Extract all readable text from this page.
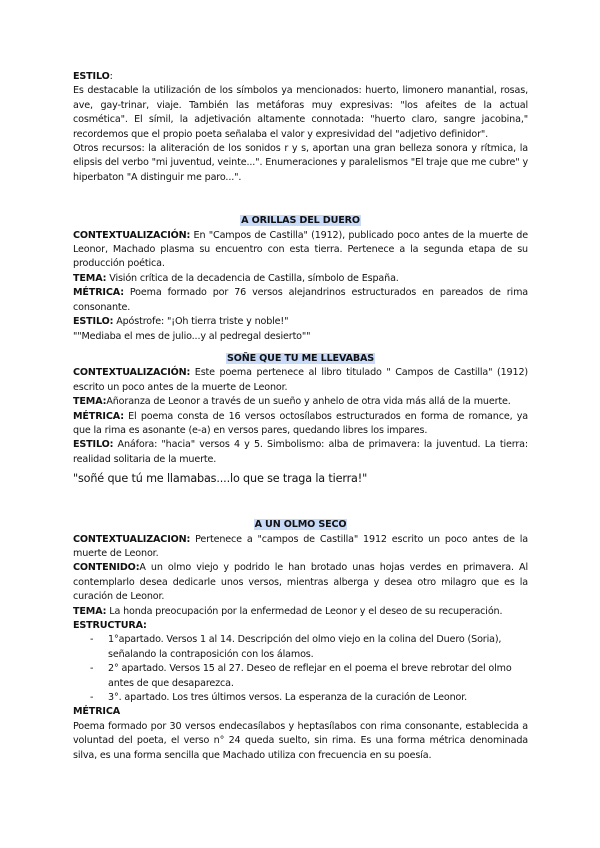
ESTILO:

Es destacable la utilización de los símbolos ya mencionados: huerto, limonero manantial, rosas, ave, gay-trinar, viaje. También las metáforas muy expresivas: "los afeites de la actual cosmética". El símil, la adjetivación altamente connotada: "huerto claro, sangre jacobina," recordemos que el propio poeta señalaba el valor y expresividad del "adjetivo definidor".

Otros recursos: la aliteración de los sonidos r y s, aportan una gran belleza sonora y rítmica, la elipsis del verbo "mi juventud, veinte...". Enumeraciones y paralelismos "El traje que me cubre" y hiperbaton "A distinguir me paro...".

A ORILLAS DEL DUERO

CONTEXTUALIZACIÓN: En "Campos de Castilla" (1912), publicado poco antes de la muerte de Leonor, Machado plasma su encuentro con esta tierra. Pertenece a la segunda etapa de su producción poética.

TEMA: Visión crítica de la decadencia de Castilla, símbolo de España.

MÉTRICA: Poema formado por 76 versos alejandrinos estructurados en pareados de rima consonante.

ESTILO: Apóstrofe: "¡Oh tierra triste y noble!"

""Mediaba el mes de julio...y al pedregal desierto""

SOÑE QUE TU ME LLEVABAS

CONTEXTUALIZACIÓN: Este poema pertenece al libro titulado " Campos de Castilla" (1912) escrito un poco antes de la muerte de Leonor.

TEMA:Añoranza de Leonor a través de un sueño y anhelo de otra vida más allá de la muerte.

MÉTRICA: El poema consta de 16 versos octosílabos estructurados en forma de romance, ya que la rima es asonante (e-a) en versos pares, quedando libres los impares.

ESTILO: Anáfora: "hacia" versos 4 y 5. Simbolismo: alba de primavera: la juventud. La tierra: realidad solitaria de la muerte.

"soñé que tú me llamabas....lo que se traga la tierra!"

A UN OLMO SECO

CONTEXTUALIZACION: Pertenece a "campos de Castilla" 1912 escrito un poco antes de la muerte de Leonor.

CONTENIDO:A un olmo viejo y podrido le han brotado unas hojas verdes en primavera. Al contemplarlo desea dedicarle unos versos, mientras alberga y desea otro milagro que es la curación de Leonor.

TEMA: La honda preocupación por la enfermedad de Leonor y el deseo de su recuperación.

ESTRUCTURA:

- 1°apartado. Versos 1 al 14. Descripción del olmo viejo en la colina del Duero (Soria), señalando la contraposición con los álamos.
- 2° apartado. Versos 15 al 27. Deseo de reflejar en el poema el breve rebrotar del olmo antes de que desaparezca.
- 3°. apartado. Los tres últimos versos. La esperanza de la curación de Leonor.

MÉTRICA

Poema formado por 30 versos endecasílabos y heptasílabos con rima consonante, establecida a voluntad del poeta, el verso n° 24 queda suelto, sin rima. Es una forma métrica denominada silva, es una forma sencilla que Machado utiliza con frecuencia en su poesía.
